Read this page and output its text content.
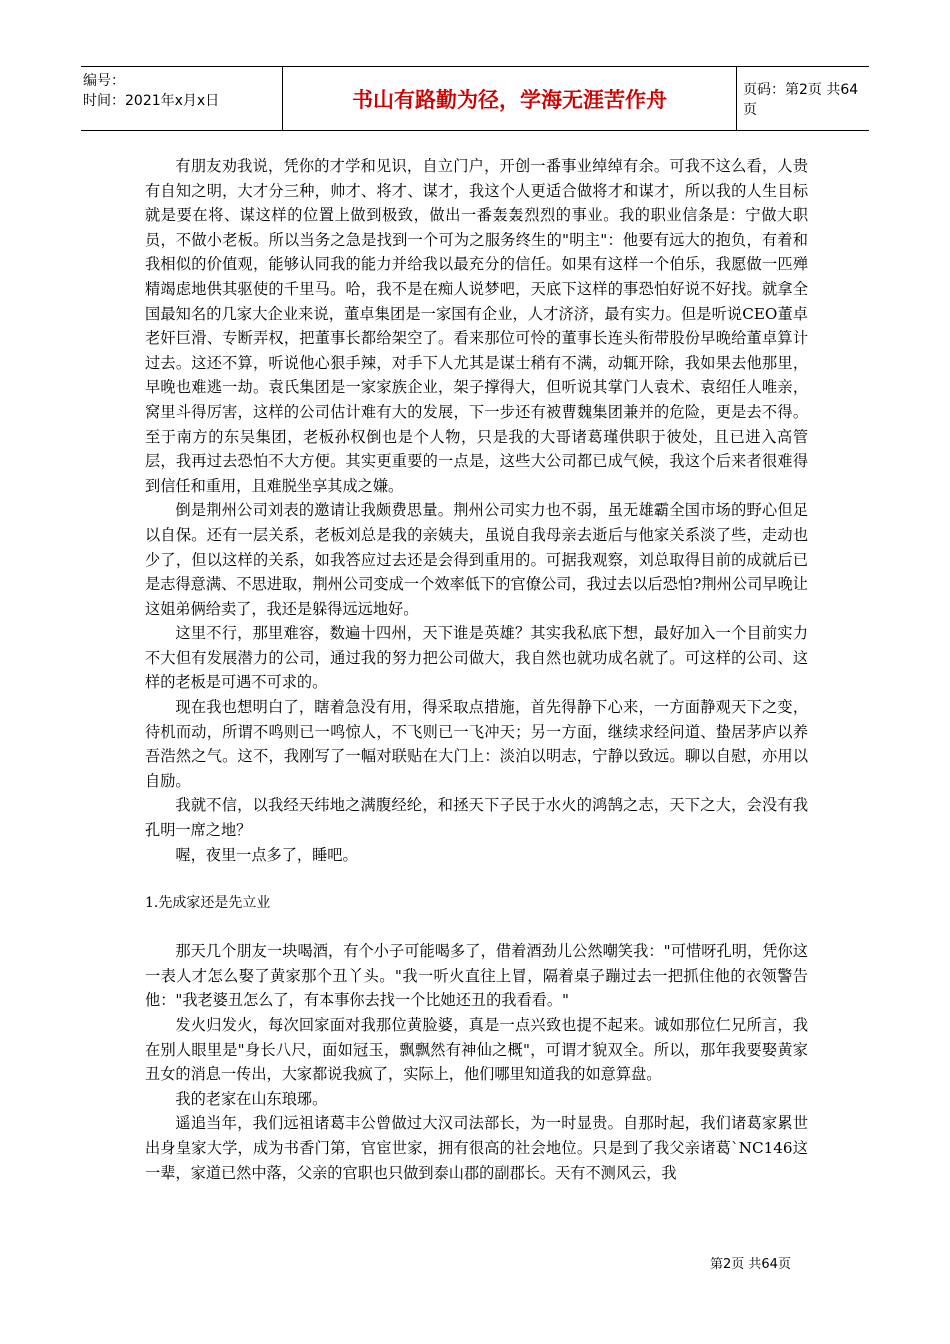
编号：
时间：2021年x月x日	书山有路勤为径，学海无涯苦作舟	页码：第2页 共64页

有朋友劝我说，凭你的才学和见识，自立门户，开创一番事业绰绰有余。可我不这么看，人贵有自知之明，大才分三种，帅才、将才、谋才，我这个人更适合做将才和谋才，所以我的人生目标就是要在将、谋这样的位置上做到极致，做出一番轰轰烈烈的事业。我的职业信条是：宁做大职员，不做小老板。所以当务之急是找到一个可为之服务终生的"明主"：他要有远大的抱负，有着和我相似的价值观，能够认同我的能力并给我以最充分的信任。如果有这样一个伯乐，我愿做一匹殚精竭虑地供其驱使的千里马。哈，我不是在痴人说梦吧，天底下这样的事恐怕好说不好找。就拿全国最知名的几家大企业来说，董卓集团是一家国有企业，人才济济，最有实力。但是听说CEO董卓老奸巨滑、专断弄权，把董事长都给架空了。看来那位可怜的董事长连头衔带股份早晚给董卓算计过去。这还不算，听说他心狠手辣，对手下人尤其是谋士稍有不满，动辄开除，我如果去他那里，早晚也难逃一劫。袁氏集团是一家家族企业，架子撑得大，但听说其掌门人袁术、袁绍任人唯亲，窝里斗得厉害，这样的公司估计难有大的发展，下一步还有被曹魏集团兼并的危险，更是去不得。至于南方的东吴集团，老板孙权倒也是个人物，只是我的大哥诸葛瑾供职于彼处，且已进入高管层，我再过去恐怕不大方便。其实更重要的一点是，这些大公司都已成气候，我这个后来者很难得到信任和重用，且难脱坐享其成之嫌。

倒是荆州公司刘表的邀请让我颇费思量。荆州公司实力也不弱，虽无雄霸全国市场的野心但足以自保。还有一层关系，老板刘总是我的亲姨夫，虽说自我母亲去逝后与他家关系淡了些，走动也少了，但以这样的关系，如我答应过去还是会得到重用的。可据我观察，刘总取得目前的成就后已是志得意满、不思进取，荆州公司变成一个效率低下的官僚公司，我过去以后恐怕?荆州公司早晚让这姐弟俩给卖了，我还是躲得远远地好。

这里不行，那里难容，数遍十四州，天下谁是英雄？其实我私底下想，最好加入一个目前实力不大但有发展潜力的公司，通过我的努力把公司做大，我自然也就功成名就了。可这样的公司、这样的老板是可遇不可求的。

现在我也想明白了，瞎着急没有用，得采取点措施，首先得静下心来，一方面静观天下之变，待机而动，所谓不鸣则已一鸣惊人，不飞则已一飞冲天；另一方面，继续求经问道、蛰居茅庐以养吾浩然之气。这不，我刚写了一幅对联贴在大门上：淡泊以明志，宁静以致远。聊以自慰，亦用以自励。

我就不信，以我经天纬地之满腹经纶，和拯天下子民于水火的鸿鹄之志，天下之大，会没有我孔明一席之地？

喔，夜里一点多了，睡吧。

1.先成家还是先立业

那天几个朋友一块喝酒，有个小子可能喝多了，借着酒劲儿公然嘲笑我："可惜呀孔明，凭你这一表人才怎么娶了黄家那个丑丫头。"我一听火直往上冒，隔着桌子蹦过去一把抓住他的衣领警告他："我老婆丑怎么了，有本事你去找一个比她还丑的我看看。"

发火归发火，每次回家面对我那位黄脸婆，真是一点兴致也提不起来。诚如那位仁兄所言，我在别人眼里是"身长八尺，面如冠玉，飘飘然有神仙之概"，可谓才貌双全。所以，那年我要娶黄家丑女的消息一传出，大家都说我疯了，实际上，他们哪里知道我的如意算盘。

我的老家在山东琅琊。

遥追当年，我们远祖诸葛丰公曾做过大汉司法部长，为一时显贵。自那时起，我们诸葛家累世出身皇家大学，成为书香门第，官宦世家，拥有很高的社会地位。只是到了我父亲诸葛`NC146这一辈，家道已然中落，父亲的官职也只做到泰山郡的副郡长。天有不测风云，我

第2页 共64页
